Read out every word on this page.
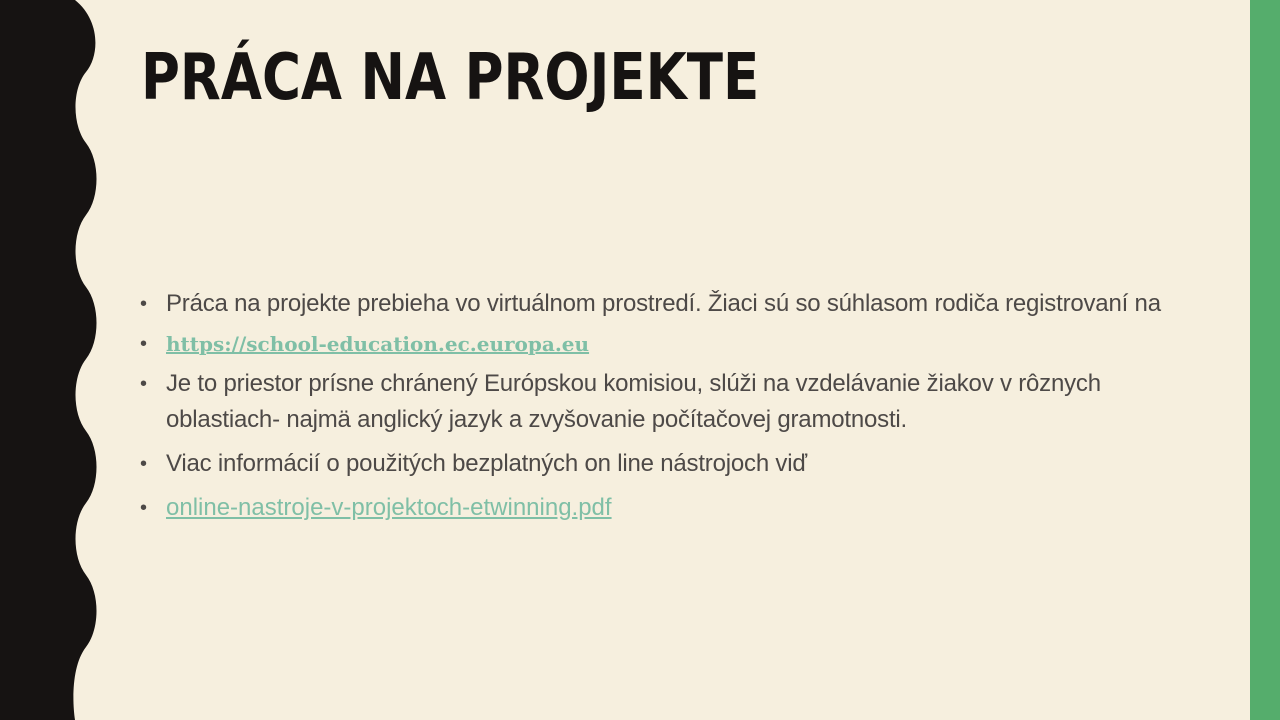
PRÁCA NA PROJEKTE
• Práca na projekte prebieha vo virtuálnom prostredí. Žiaci sú so súhlasom rodiča registrovaní na
• https://school-education.ec.europa.eu
• Je to priestor prísne chránený Európskou komisiou, slúži na vzdelávanie žiakov v rôznych oblastiach- najmä anglický jazyk a zvyšovanie počítačovej gramotnosti.
• Viac informácií o použitých bezplatných on line nástrojoch viď
• online-nastroje-v-projektoch-etwinning.pdf
